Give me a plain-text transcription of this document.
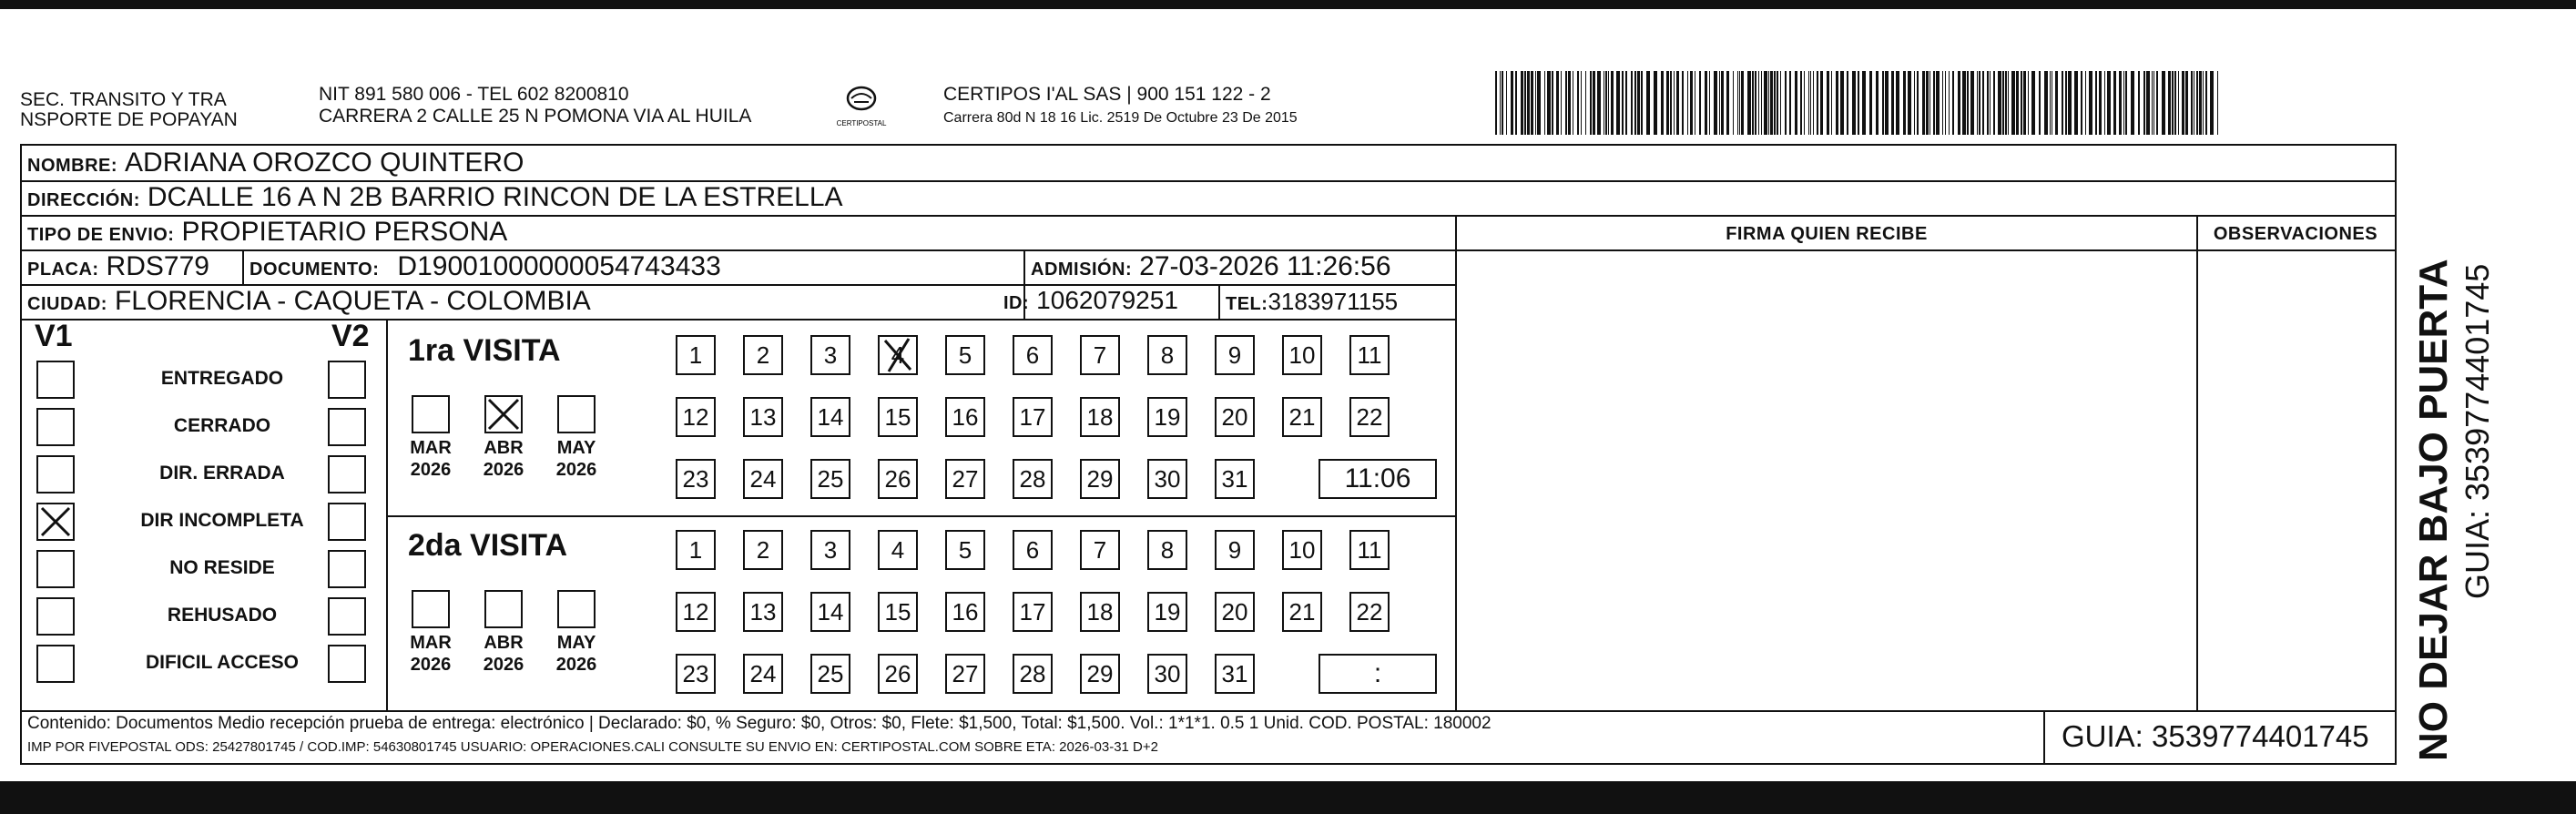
SEC. TRANSITO Y TRA
NSPORTE DE POPAYAN
NIT 891 580 006 - TEL 602 8200810
CARRERA 2 CALLE 25 N POMONA VIA AL HUILA	CERTIPOSTAL
CERTIPOS I'AL SAS | 900 151 122 - 2
Carrera 80d N 18 16 Lic. 2519 De Octubre 23 De 2015
NOMBRE: ADRIANA OROZCO QUINTERO
DIRECCIÓN: DCALLE 16 A N 2B BARRIO RINCON DE LA ESTRELLA
TIPO DE ENVIO: PROPIETARIO PERSONA	FIRMA QUIEN RECIBE	OBSERVACIONES
PLACA: RDS779 DOCUMENTO: D19001000000054743433	ADMISIÓN: 27-03-2026 11:26:56
CIUDAD: FLORENCIA - CAQUETA - COLOMBIA	ID: 1062079251	TEL: 3183971155
V1	V2
ENTREGADO
CERRADO
DIR. ERRADA
DIR INCOMPLETA
NO RESIDE
REHUSADO
DIFICIL ACCESO
1ra VISITA
2da VISITA
MAR
2026
ABR
2026
MAY
2026
1	2	3	4	5	6	7	8	9	10	11
12 13 14 15 16 17 18 19 20 21 22
23 24 25 26 27 28 29 30 31	11:06
MAR
2026
ABR
2026
MAY
2026
1	2	3	4	5	6	7	8	9	10	11
12 13 14 15 16 17 18 19 20 21 22
23 24 25 26 27 28 29 30 31	:
Contenido: Documentos Medio recepción prueba de entrega: electrónico | Declarado: $0, % Seguro: $0, Otros: $0, Flete: $1,500, Total: $1,500. Vol.: 1*1*1. 0.5 1 Unid. COD. POSTAL: 180002
IMP POR FIVEPOSTAL ODS: 25427801745 / COD.IMP: 54630801745 USUARIO: OPERACIONES.CALI CONSULTE SU ENVIO EN: CERTIPOSTAL.COM SOBRE ETA: 2026-03-31 D+2	GUIA: 3539774401745 NO DEJAR BAJO PUERTA GUIA: 3539774401745
